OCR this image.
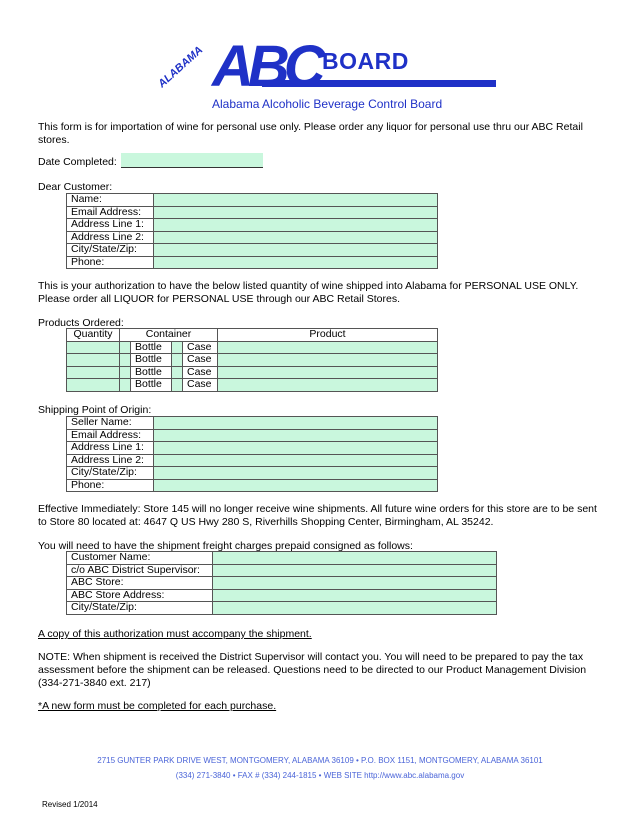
ABC
ALABAMA	BOARD
Alabama Alcoholic Beverage Control Board

This form is for importation of wine for personal use only. Please order any liquor for personal use thru our ABC Retail stores.

Date Completed:
Dear Customer:
Name:	
Email Address:	
Address Line 1:	
Address Line 2:	
City/State/Zip:	
Phone:	

This is your authorization to have the below listed quantity of wine shipped into Alabama for PERSONAL USE ONLY. Please order all LIQUOR for PERSONAL USE through our ABC Retail Stores.

Products Ordered:
Quantity	Container				Product
		Bottle		Case	
		Bottle		Case	
		Bottle		Case	
		Bottle		Case	
Shipping Point of Origin:
Seller Name:	
Email Address:	
Address Line 1:	
Address Line 2:	
City/State/Zip:	
Phone:	

Effective Immediately: Store 145 will no longer receive wine shipments. All future wine orders for this store are to be sent to Store 80 located at: 4647 Q US Hwy 280 S, Riverhills Shopping Center, Birmingham, AL 35242.

You will need to have the shipment freight charges prepaid consigned as follows:
Customer Name:	
c/o ABC District Supervisor:	
ABC Store:	
ABC Store Address:	
City/State/Zip:	
A copy of this authorization must accompany the shipment.

NOTE: When shipment is received the District Supervisor will contact you. You will need to be prepared to pay the tax assessment before the shipment can be released. Questions need to be directed to our Product Management Division (334-271-3840 ext. 217)

*A new form must be completed for each purchase.
2715 GUNTER PARK DRIVE WEST, MONTGOMERY, ALABAMA 36109 • P.O. BOX 1151, MONTGOMERY, ALABAMA 36101
(334) 271-3840 • FAX # (334) 244-1815 • WEB SITE http://www.abc.alabama.gov
Revised 1/2014
